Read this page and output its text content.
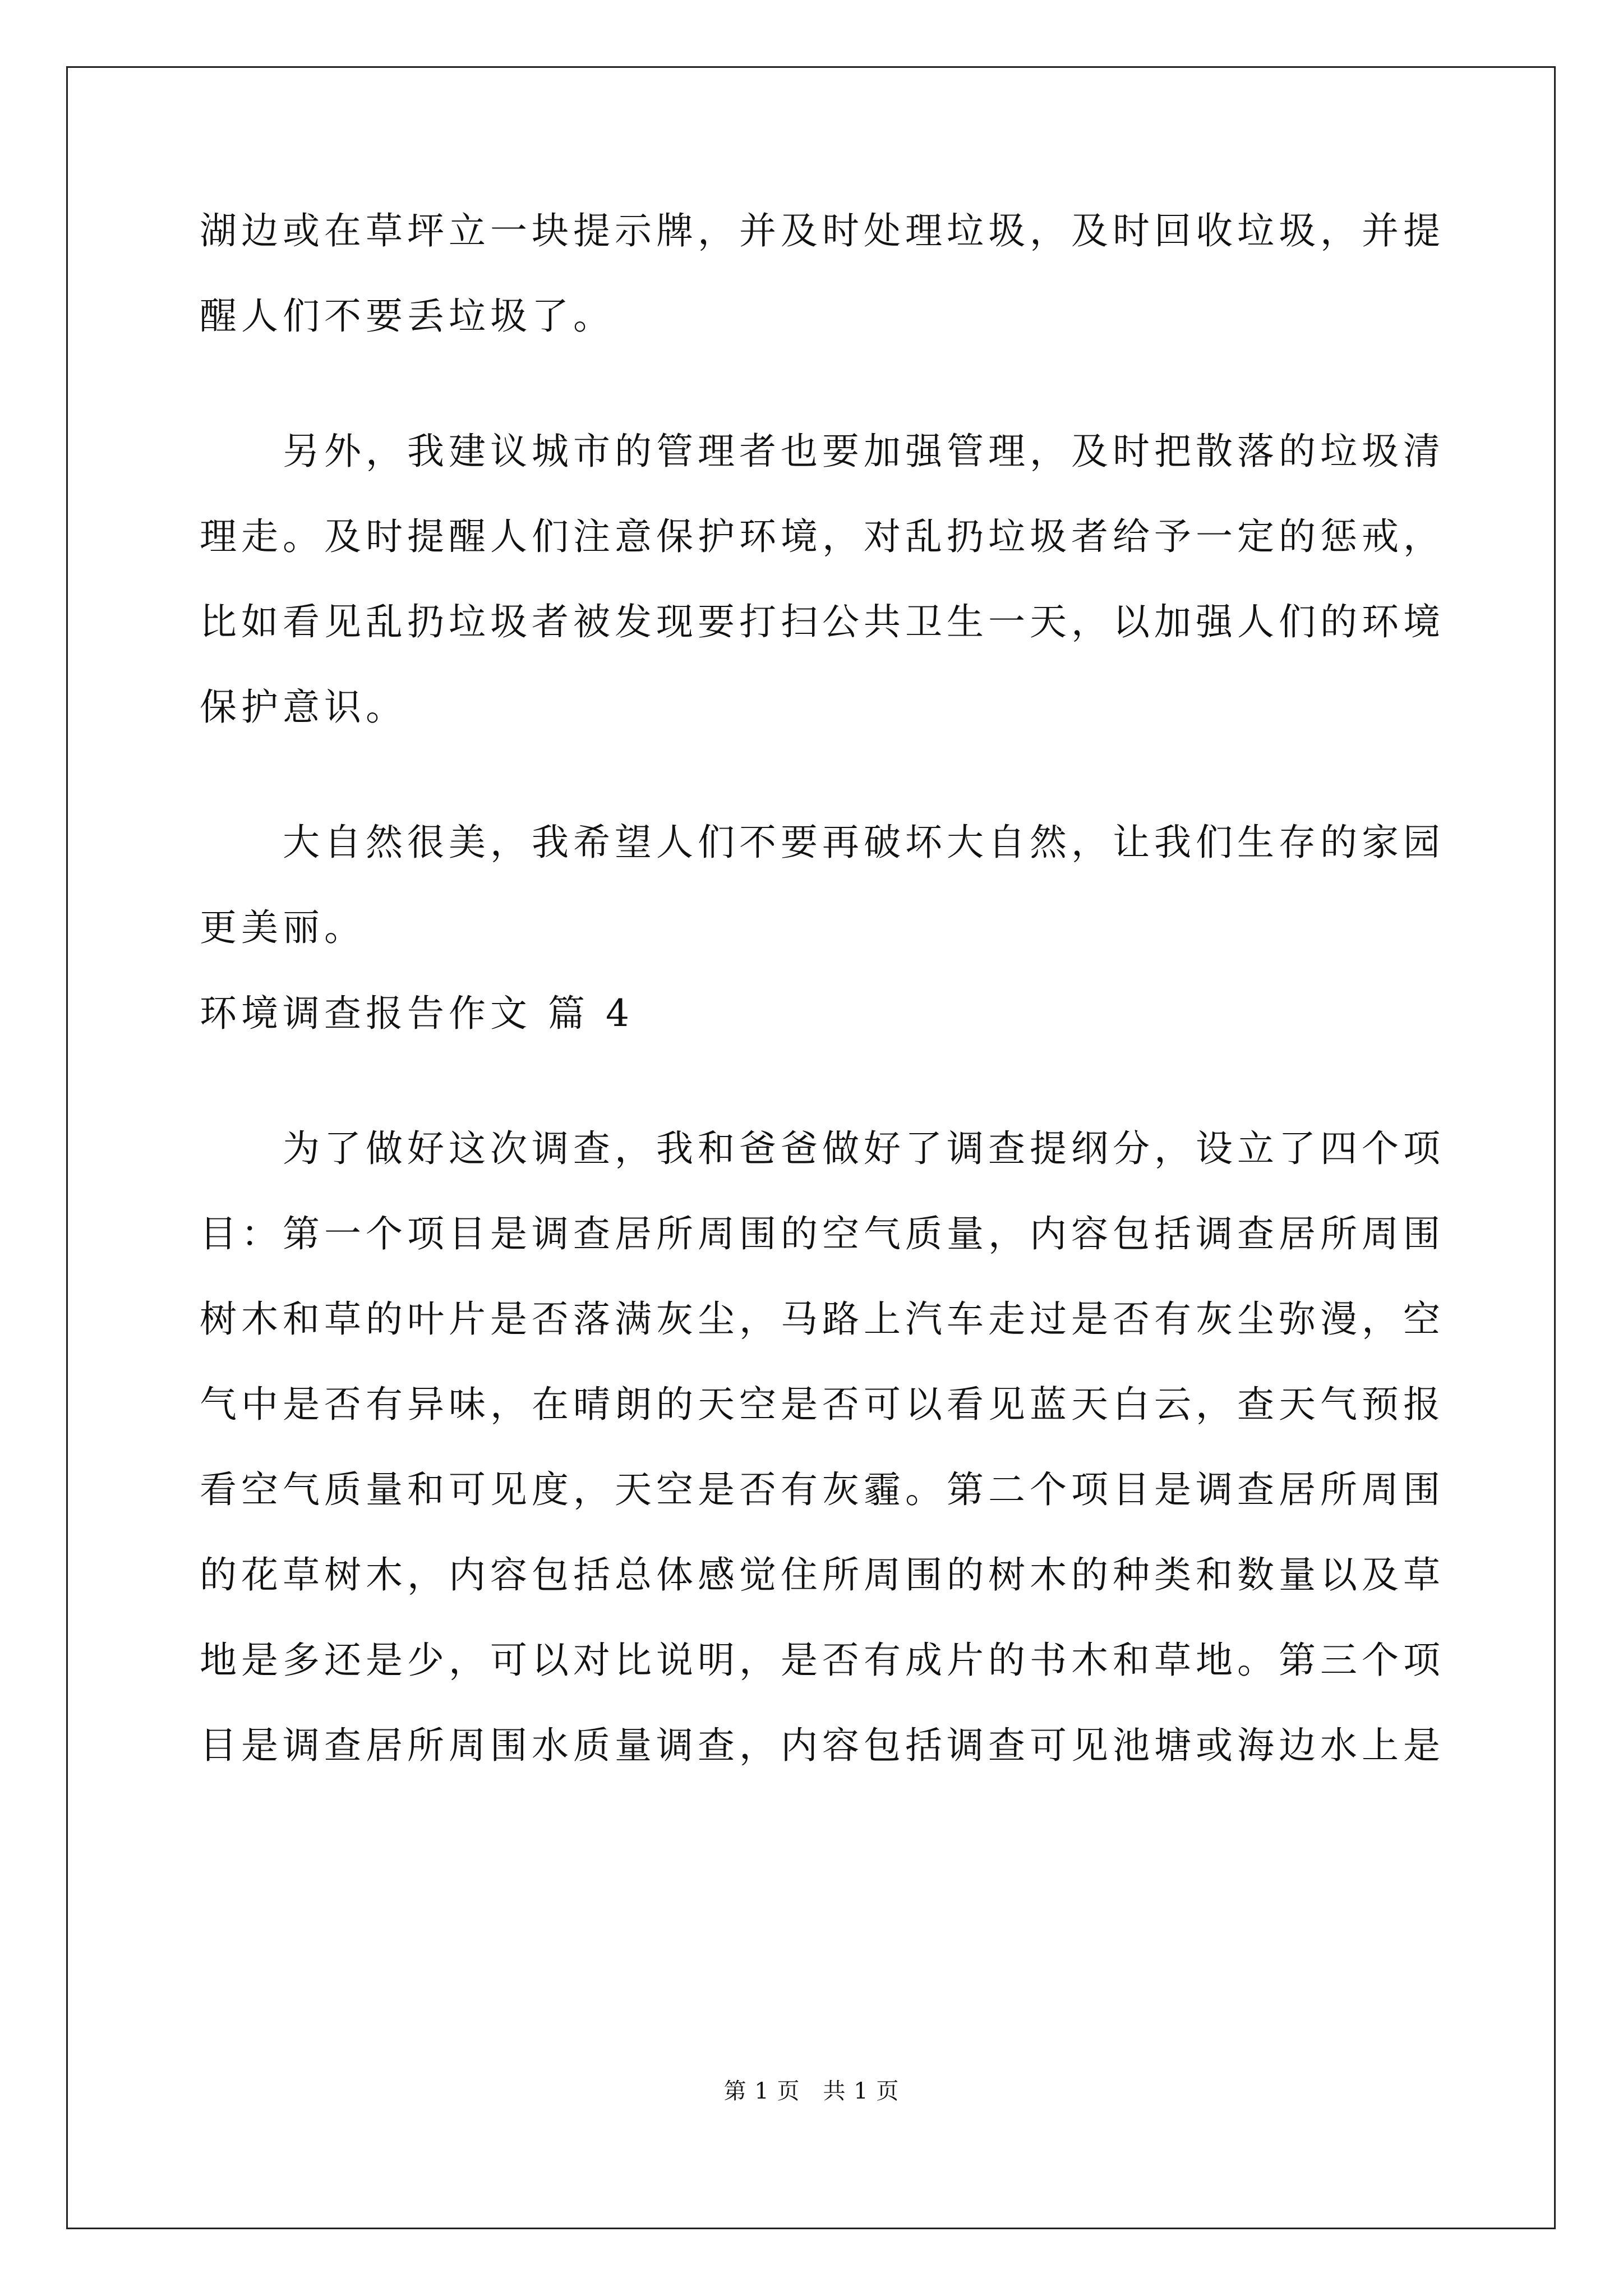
湖边或在草坪立一块提示牌，并及时处理垃圾，及时回收垃圾，并提
醒人们不要丢垃圾了。
　　另外，我建议城市的管理者也要加强管理，及时把散落的垃圾清
理走。及时提醒人们注意保护环境，对乱扔垃圾者给予一定的惩戒，
比如看见乱扔垃圾者被发现要打扫公共卫生一天，以加强人们的环境
保护意识。
　　大自然很美，我希望人们不要再破坏大自然，让我们生存的家园
更美丽。
环境调查报告作文 篇 4
　　为了做好这次调查，我和爸爸做好了调查提纲分，设立了四个项
目：第一个项目是调查居所周围的空气质量，内容包括调查居所周围
树木和草的叶片是否落满灰尘，马路上汽车走过是否有灰尘弥漫，空
气中是否有异味，在晴朗的天空是否可以看见蓝天白云，查天气预报
看空气质量和可见度，天空是否有灰霾。第二个项目是调查居所周围
的花草树木，内容包括总体感觉住所周围的树木的种类和数量以及草
地是多还是少，可以对比说明，是否有成片的书木和草地。第三个项
目是调查居所周围水质量调查，内容包括调查可见池塘或海边水上是
第 1 页　共 1 页
